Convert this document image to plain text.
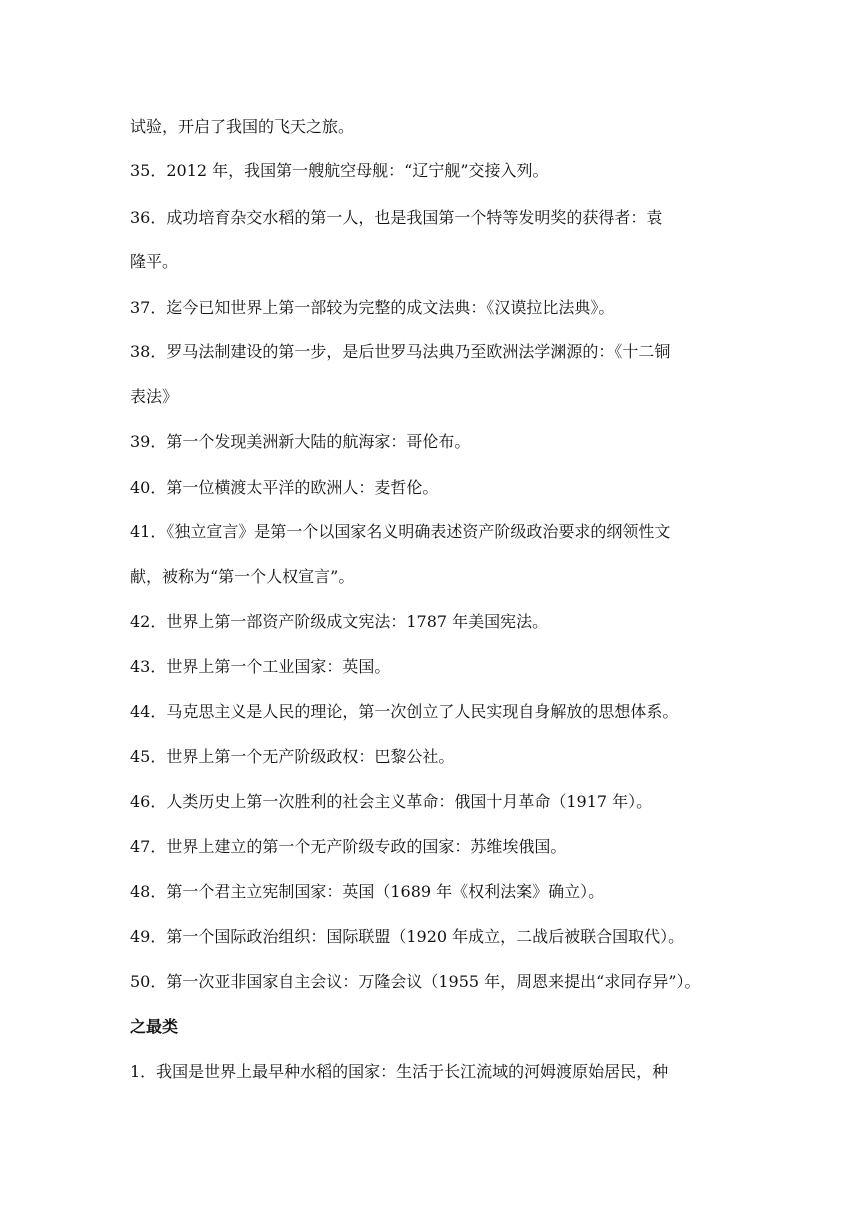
试验，开启了我国的飞天之旅。
35．2012 年，我国第一艘航空母舰：“辽宁舰”交接入列。
36．成功培育杂交水稻的第一人，也是我国第一个特等发明奖的获得者：袁
隆平。
37．迄今已知世界上第一部较为完整的成文法典：《汉谟拉比法典》。
38．罗马法制建设的第一步，是后世罗马法典乃至欧洲法学渊源的：《十二铜
表法》
39．第一个发现美洲新大陆的航海家：哥伦布。
40．第一位横渡太平洋的欧洲人：麦哲伦。
41．《独立宣言》是第一个以国家名义明确表述资产阶级政治要求的纲领性文
献，被称为“第一个人权宣言”。
42．世界上第一部资产阶级成文宪法：1787 年美国宪法。
43．世界上第一个工业国家：英国。
44．马克思主义是人民的理论，第一次创立了人民实现自身解放的思想体系。
45．世界上第一个无产阶级政权：巴黎公社。
46．人类历史上第一次胜利的社会主义革命：俄国十月革命（1917 年）。
47．世界上建立的第一个无产阶级专政的国家：苏维埃俄国。
48．第一个君主立宪制国家：英国（1689 年《权利法案》确立）。
49．第一个国际政治组织：国际联盟（1920 年成立，二战后被联合国取代）。
50．第一次亚非国家自主会议：万隆会议（1955 年，周恩来提出“求同存异”）。
之最类
1．我国是世界上最早种水稻的国家：生活于长江流域的河姆渡原始居民，种
